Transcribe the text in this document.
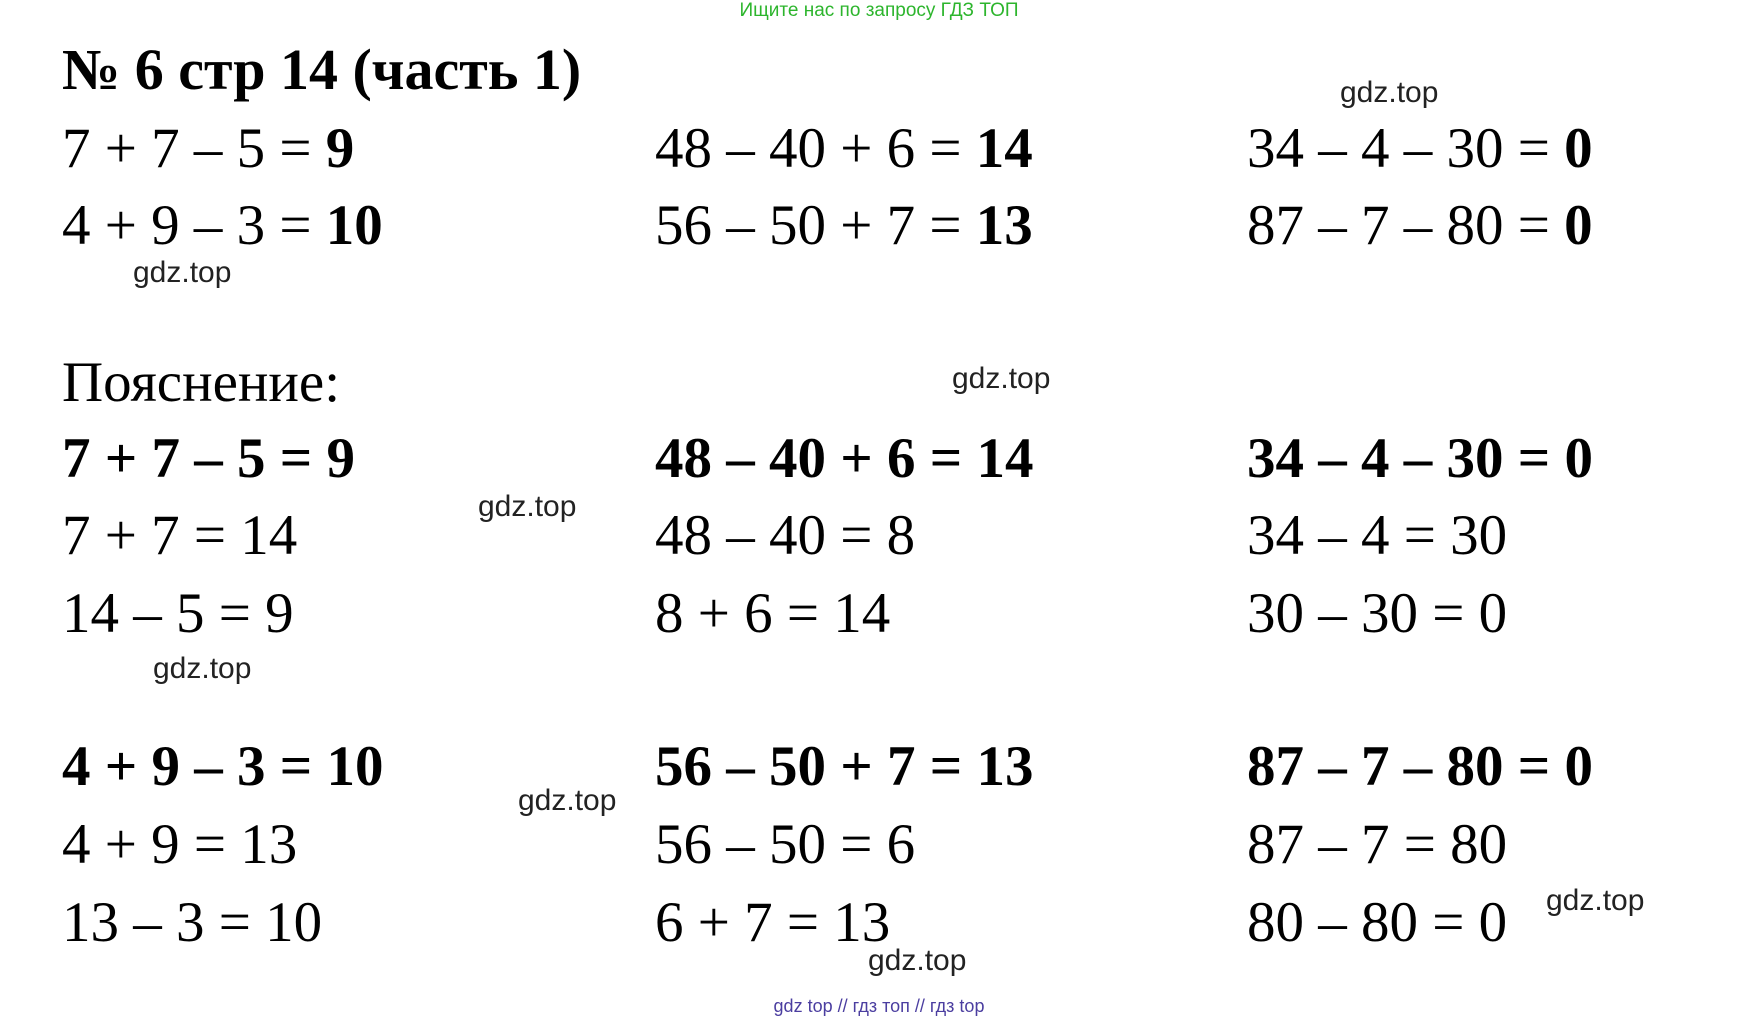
Ищите нас по запросу ГДЗ ТОП
№ 6 стр 14 (часть 1)
7 + 7 – 5 = 9
4 + 9 – 3 = 10
48 – 40 + 6 = 14
56 – 50 + 7 = 13
34 – 4 – 30 = 0
87 – 7 – 80 = 0
Пояснение:
7 + 7 – 5 = 9
7 + 7 = 14
14 – 5 = 9
48 – 40 + 6 = 14
48 – 40 = 8
8 + 6 = 14
34 – 4 – 30 = 0
34 – 4 = 30
30 – 30 = 0
4 + 9 – 3 = 10
4 + 9 = 13
13 – 3 = 10
56 – 50 + 7 = 13
56 – 50 = 6
6 + 7 = 13
87 – 7 – 80 = 0
87 – 7 = 80
80 – 80 = 0
gdz.top
gdz.top
gdz.top
gdz.top
gdz.top
gdz.top
gdz.top
gdz.top
gdz top // гдз топ // гдз top
